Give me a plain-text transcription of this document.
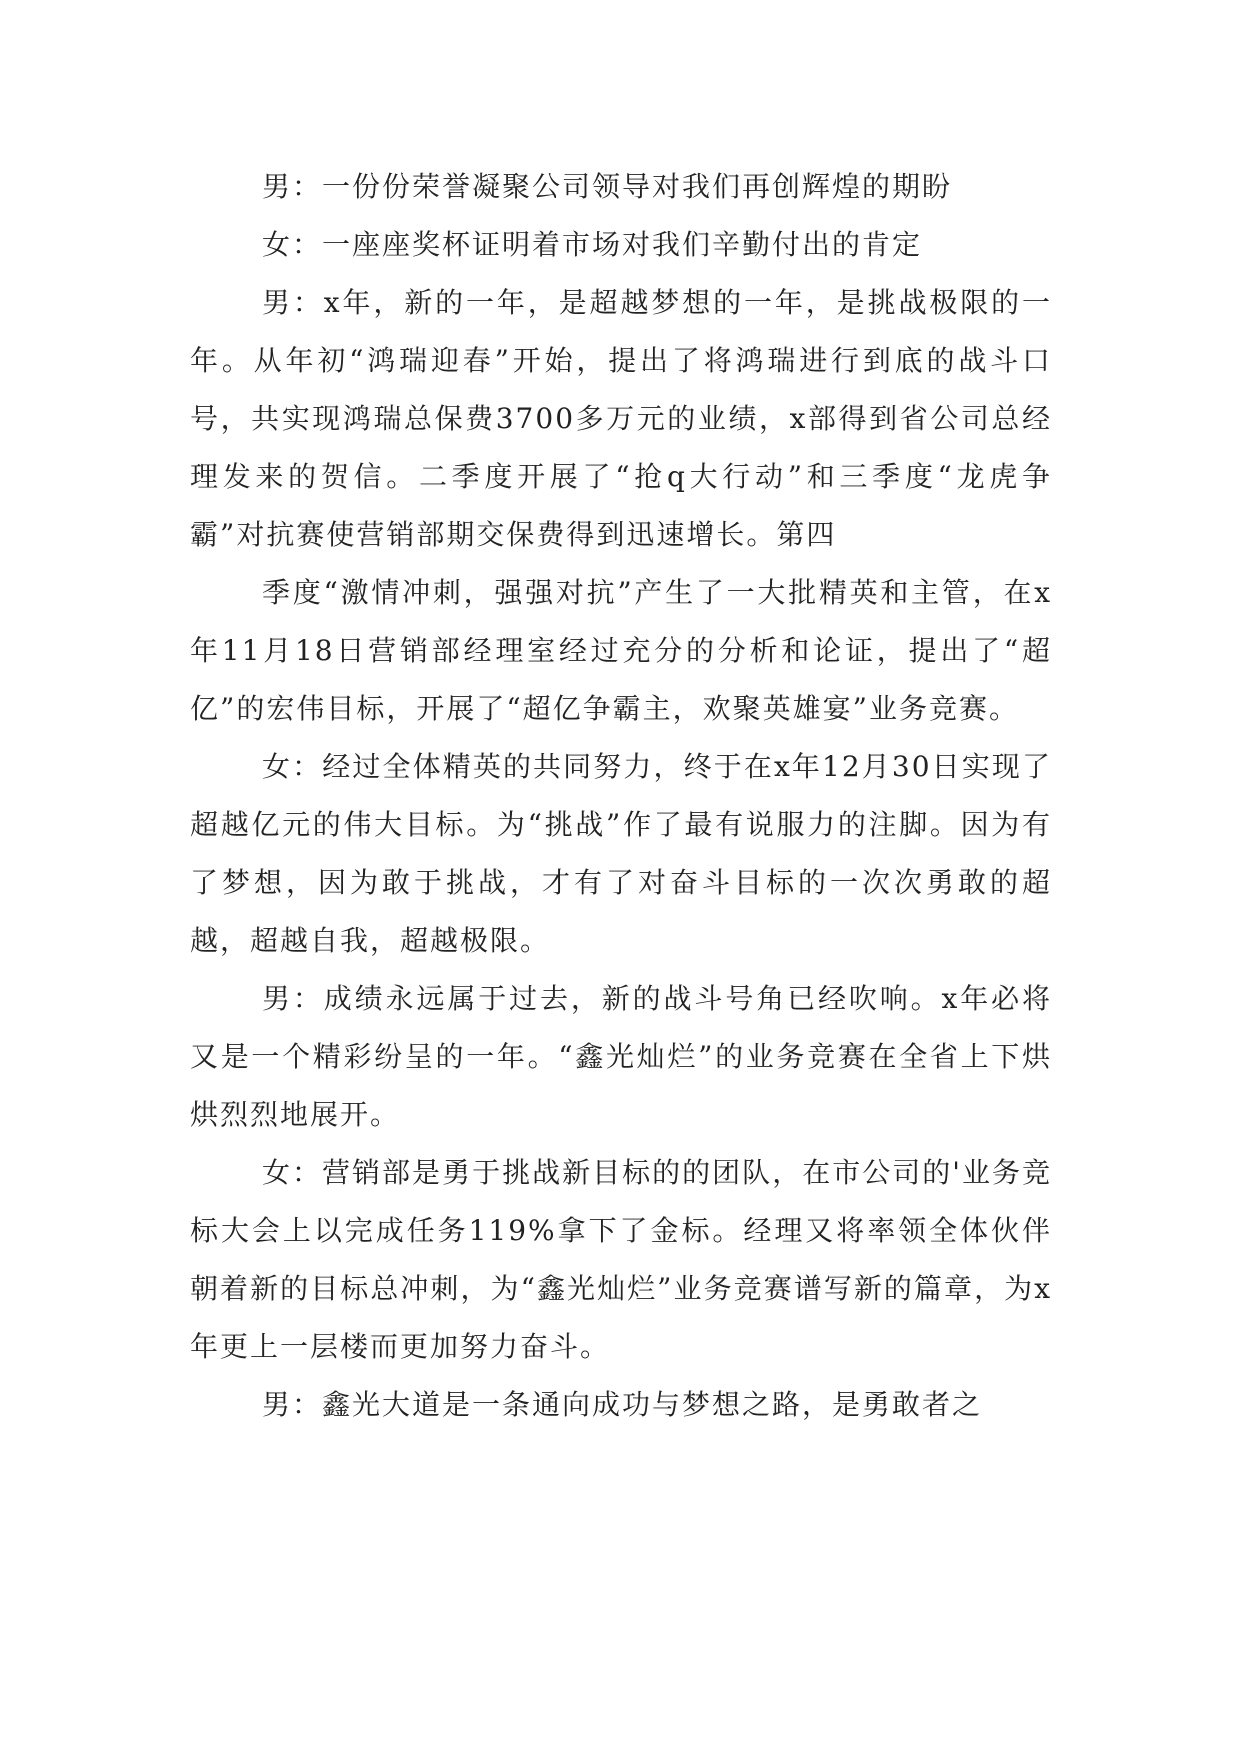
男：一份份荣誉凝聚公司领导对我们再创辉煌的期盼

女：一座座奖杯证明着市场对我们辛勤付出的肯定

男：x年，新的一年，是超越梦想的一年，是挑战极限的一年。从年初“鸿瑞迎春”开始，提出了将鸿瑞进行到底的战斗口号，共实现鸿瑞总保费3700多万元的业绩，x部得到省公司总经理发来的贺信。二季度开展了“抢q大行动”和三季度“龙虎争霸”对抗赛使营销部期交保费得到迅速增长。第四

季度“激情冲刺，强强对抗”产生了一大批精英和主管，在x年11月18日营销部经理室经过充分的分析和论证，提出了“超亿”的宏伟目标，开展了“超亿争霸主，欢聚英雄宴”业务竞赛。

女：经过全体精英的共同努力，终于在x年12月30日实现了超越亿元的伟大目标。为“挑战”作了最有说服力的注脚。因为有了梦想，因为敢于挑战，才有了对奋斗目标的一次次勇敢的超越，超越自我，超越极限。

男：成绩永远属于过去，新的战斗号角已经吹响。x年必将又是一个精彩纷呈的一年。“鑫光灿烂”的业务竞赛在全省上下烘烘烈烈地展开。

女：营销部是勇于挑战新目标的的团队，在市公司的'业务竞标大会上以完成任务119%拿下了金标。经理又将率领全体伙伴朝着新的目标总冲刺，为“鑫光灿烂”业务竞赛谱写新的篇章，为x年更上一层楼而更加努力奋斗。

男：鑫光大道是一条通向成功与梦想之路，是勇敢者之
